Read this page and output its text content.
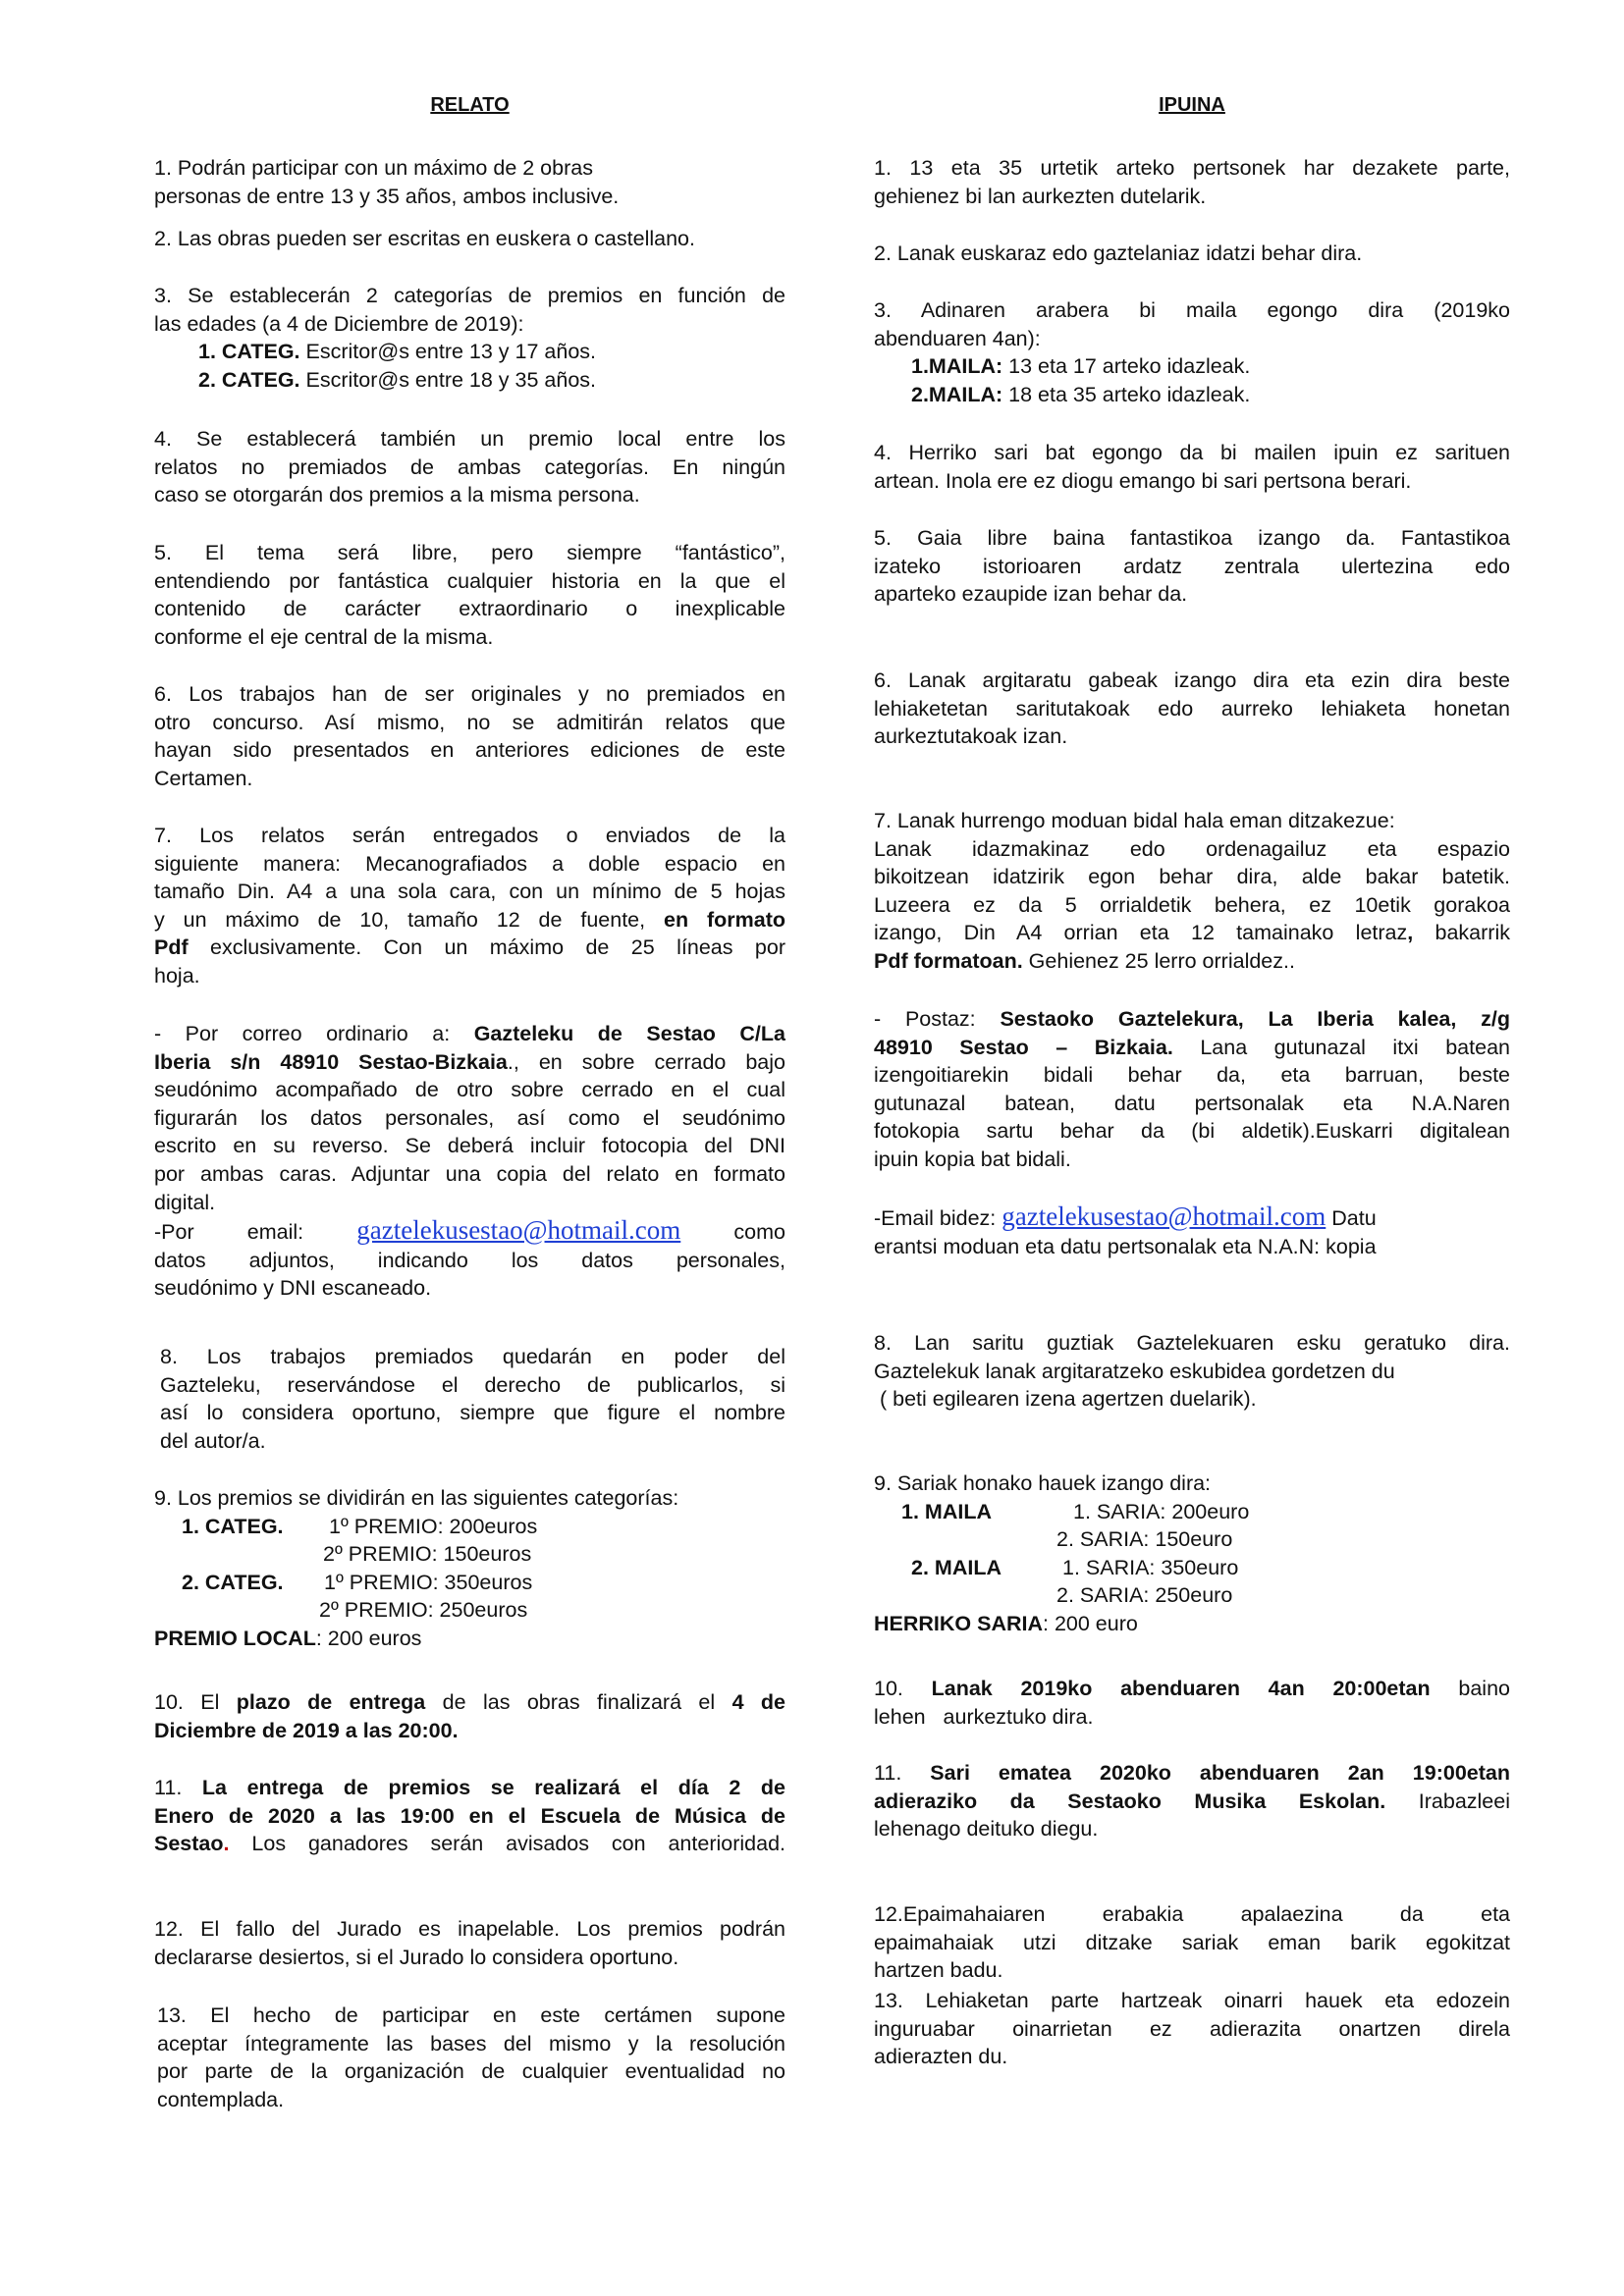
RELATO
1. Podrán participar con un máximo de 2 obras
personas de entre 13 y 35 años, ambos inclusive.
2. Las obras pueden ser escritas en euskera o castellano.
3. Se establecerán 2 categorías de premios en función de
las edades (a 4 de Diciembre de 2019):
1. CATEG. Escritor@s entre 13 y 17 años.
2. CATEG. Escritor@s entre 18 y 35 años.
4. Se establecerá también un premio local entre los
relatos no premiados de ambas categorías. En ningún
caso se otorgarán dos premios a la misma persona.
5. El tema será libre, pero siempre “fantástico”,
entendiendo por fantástica cualquier historia en la que el
contenido de carácter extraordinario o inexplicable
conforme el eje central de la misma.
6. Los trabajos han de ser originales y no premiados en
otro concurso. Así mismo, no se admitirán relatos que
hayan sido presentados en anteriores ediciones de este
Certamen.
7. Los relatos serán entregados o enviados de la
siguiente manera: Mecanografiados a doble espacio en
tamaño Din. A4 a una sola cara, con un mínimo de 5 hojas
y un máximo de 10, tamaño 12 de fuente, en formato
Pdf exclusivamente. Con un máximo de 25 líneas por
hoja.
- Por correo ordinario a: Gazteleku de Sestao C/La
Iberia s/n 48910 Sestao-Bizkaia., en sobre cerrado bajo
seudónimo acompañado de otro sobre cerrado en el cual
figurarán los datos personales, así como el seudónimo
escrito en su reverso. Se deberá incluir fotocopia del DNI
por ambas caras. Adjuntar una copia del relato en formato
digital.
-Por email: gaztelekusestao@hotmail.com como
datos adjuntos, indicando los datos personales,
seudónimo y DNI escaneado.
8. Los trabajos premiados quedarán en poder del
Gazteleku, reservándose el derecho de publicarlos, si
así lo considera oportuno, siempre que figure el nombre
del autor/a.
9. Los premios se dividirán en las siguientes categorías:
1. CATEG. 1º PREMIO: 200euros
2º PREMIO: 150euros
2. CATEG. 1º PREMIO: 350euros
2º PREMIO: 250euros
PREMIO LOCAL: 200 euros
10. El plazo de entrega de las obras finalizará el 4 de
Diciembre de 2019 a las 20:00.
11. La entrega de premios se realizará el día 2 de
Enero de 2020 a las 19:00 en el Escuela de Música de
Sestao. Los ganadores serán avisados con anterioridad.
12. El fallo del Jurado es inapelable. Los premios podrán
declararse desiertos, si el Jurado lo considera oportuno.
13. El hecho de participar en este certámen supone
aceptar íntegramente las bases del mismo y la resolución
por parte de la organización de cualquier eventualidad no
contemplada.
IPUINA
1. 13 eta 35 urtetik arteko pertsonek har dezakete parte,
gehienez bi lan aurkezten dutelarik.
2. Lanak euskaraz edo gaztelaniaz idatzi behar dira.
3. Adinaren arabera bi maila egongo dira (2019ko
abenduaren 4an):
1.MAILA: 13 eta 17 arteko idazleak.
2.MAILA: 18 eta 35 arteko idazleak.
4. Herriko sari bat egongo da bi mailen ipuin ez sarituen
artean. Inola ere ez diogu emango bi sari pertsona berari.
5. Gaia libre baina fantastikoa izango da. Fantastikoa
izateko istorioaren ardatz zentrala ulertezina edo
aparteko ezaupide izan behar da.
6. Lanak argitaratu gabeak izango dira eta ezin dira beste
lehiaketetan saritutakoak edo aurreko lehiaketa honetan
aurkeztutakoak izan.
7. Lanak hurrengo moduan bidal hala eman ditzakezue:
Lanak idazmakinaz edo ordenagailuz eta espazio
bikoitzean idatzirik egon behar dira, alde bakar batetik.
Luzeera ez da 5 orrialdetik behera, ez 10etik gorakoa
izango, Din A4 orrian eta 12 tamainako letraz, bakarrik
Pdf formatoan. Gehienez 25 lerro orrialdez..
- Postaz: Sestaoko Gaztelekura, La Iberia kalea, z/g
48910 Sestao – Bizkaia. Lana gutunazal itxi batean
izengoitiarekin bidali behar da, eta barruan, beste
gutunazal batean, datu pertsonalak eta N.A.Naren
fotokopia sartu behar da (bi aldetik).Euskarri digitalean
ipuin kopia bat bidali.
-Email bidez: gaztelekusestao@hotmail.com Datu
erantsi moduan eta datu pertsonalak eta N.A.N: kopia
8. Lan saritu guztiak Gaztelekuaren esku geratuko dira.
Gaztelekuk lanak argitaratzeko eskubidea gordetzen du
( beti egilearen izena agertzen duelarik).
9. Sariak honako hauek izango dira:
1. MAILA	1. SARIA: 200euro
2. SARIA: 150euro
2. MAILA	1. SARIA: 350euro
2. SARIA: 250euro
HERRIKO SARIA: 200 euro
10. Lanak 2019ko abenduaren 4an 20:00etan baino
lehen   aurkeztuko dira.
11. Sari ematea 2020ko abenduaren 2an 19:00etan
adieraziko da Sestaoko Musika Eskolan. Irabazleei
lehenago deituko diegu.
12.Epaimahaiaren erabakia apalaezina da eta
epaimahaiak utzi ditzake sariak eman barik egokitzat
hartzen badu.
13. Lehiaketan parte hartzeak oinarri hauek eta edozein
inguruabar oinarrietan ez adierazita onartzen direla
adierazten du.
